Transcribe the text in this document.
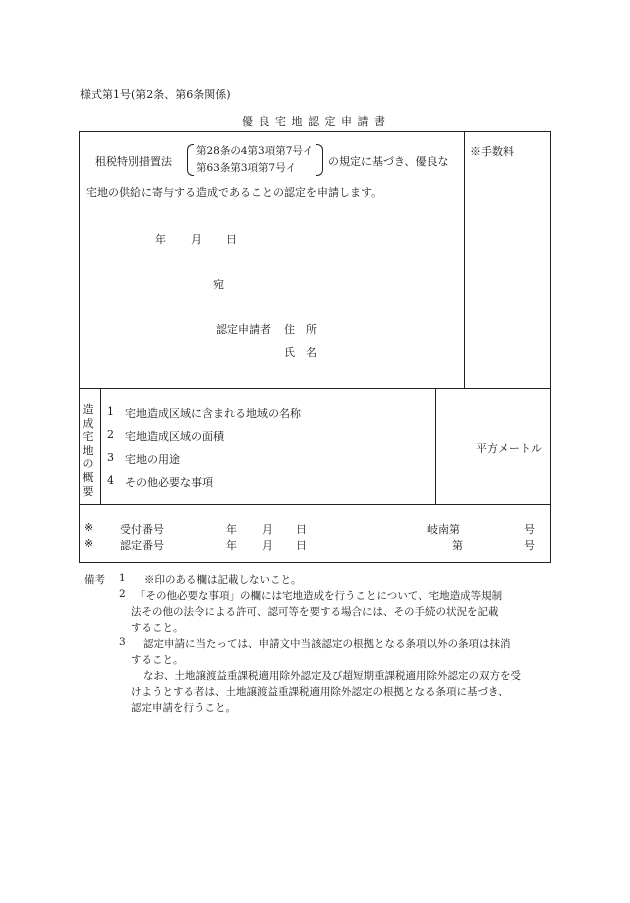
様式第1号(第2条、第6条関係)
優 良 宅 地 認 定 申 請 書
租税特別措置法
第28条の4第3項第7号イ
第63条第3項第7号イ	の規定に基づき、優良な
宅地の供給に寄与する造成であることの認定を申請します。
年 月 日
宛
認定申請者 住　所
氏　名
※手数料
造
成
宅
地
の
概
要
1 宅地造成区域に含まれる地域の名称
2 宅地造成区域の面積
3 宅地の用途
4 その他必要な事項
平方メートル
※ 受付番号	年 月 日	岐南第	号
※ 認定番号	年 月 日	第	号
備考 1 ※印のある欄は記載しないこと。
2 「その他必要な事項」の欄には宅地造成を行うことについて、宅地造成等規制
法その他の法令による許可、認可等を要する場合には、その手続の状況を記載
すること。
3 認定申請に当たっては、申請文中当該認定の根拠となる条項以外の条項は抹消
すること。
なお、土地譲渡益重課税適用除外認定及び超短期重課税適用除外認定の双方を受
けようとする者は、土地譲渡益重課税適用除外認定の根拠となる条項に基づき、
認定申請を行うこと。
